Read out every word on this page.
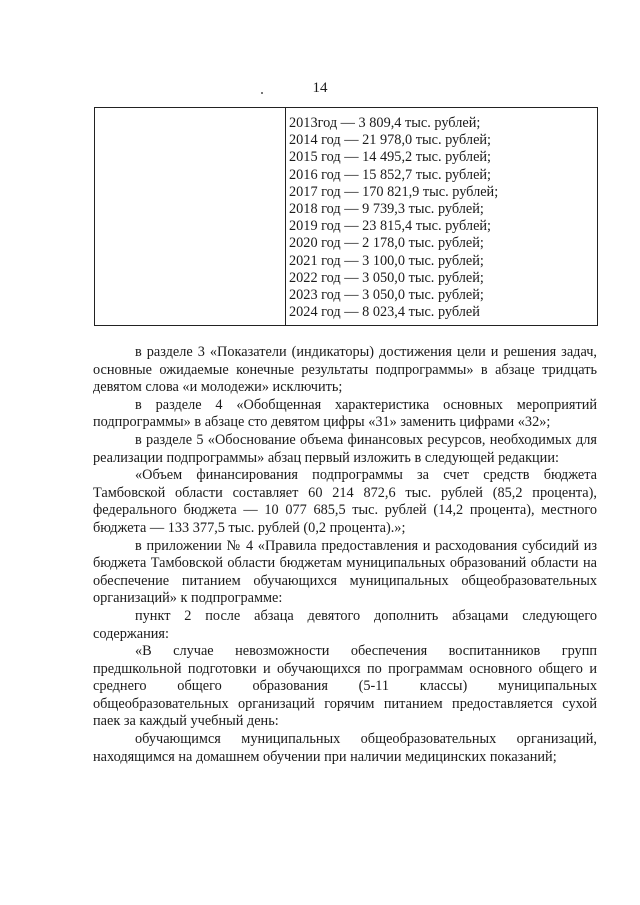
14
2013год — 3 809,4 тыс. рублей;
2014 год — 21 978,0 тыс. рублей;
2015 год — 14 495,2 тыс. рублей;
2016 год — 15 852,7 тыс. рублей;
2017 год — 170 821,9 тыс. рублей;
2018 год — 9 739,3 тыс. рублей;
2019 год — 23 815,4 тыс. рублей;
2020 год — 2 178,0 тыс. рублей;
2021 год — 3 100,0 тыс. рублей;
2022 год — 3 050,0 тыс. рублей;
2023 год — 3 050,0 тыс. рублей;
2024 год — 8 023,4 тыс. рублей

в разделе 3 «Показатели (индикаторы) достижения цели и решения задач, основные ожидаемые конечные результаты подпрограммы» в абзаце тридцать девятом слова «и молодежи» исключить;

в разделе 4 «Обобщенная характеристика основных мероприятий подпрограммы» в абзаце сто девятом цифры «31» заменить цифрами «32»;

в разделе 5 «Обоснование объема финансовых ресурсов, необходимых для реализации подпрограммы» абзац первый изложить в следующей редакции:

«Объем финансирования подпрограммы за счет средств бюджета Тамбовской области составляет 60 214 872,6 тыс. рублей (85,2 процента), федерального бюджета — 10 077 685,5 тыс. рублей (14,2 процента), местного бюджета — 133 377,5 тыс. рублей (0,2 процента).»;

в приложении № 4 «Правила предоставления и расходования субсидий из бюджета Тамбовской области бюджетам муниципальных образований области на обеспечение питанием обучающихся муниципальных общеобразовательных организаций» к подпрограмме:

пункт 2 после абзаца девятого дополнить абзацами следующего содержания:

«В случае невозможности обеспечения воспитанников групп предшкольной подготовки и обучающихся по программам основного общего и среднего общего образования (5-11 классы) муниципальных общеобразовательных организаций горячим питанием предоставляется сухой паек за каждый учебный день:

обучающимся муниципальных общеобразовательных организаций, находящимся на домашнем обучении при наличии медицинских показаний;
